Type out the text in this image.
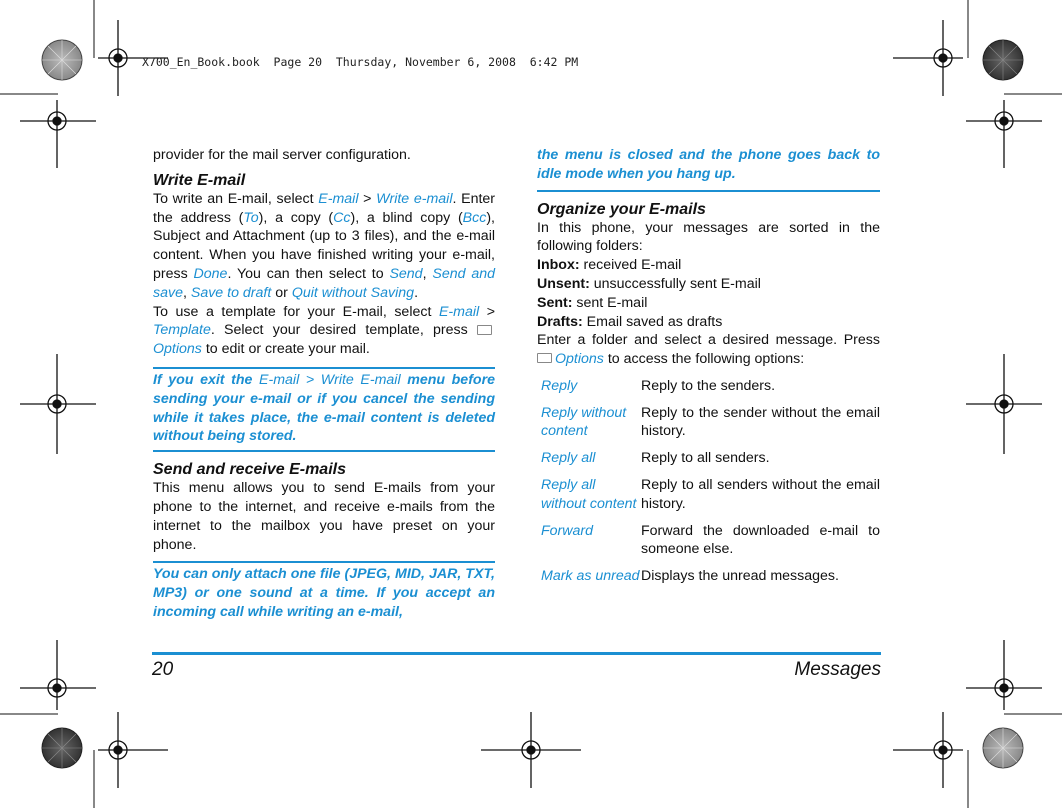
X700_En_Book.book  Page 20  Thursday, November 6, 2008  6:42 PM

provider for the mail server configuration.

Write E-mail

To write an E-mail, select E-mail > Write e-mail. Enter the address (To), a copy (Cc), a blind copy (Bcc), Subject and Attachment (up to 3 files), and the e-mail content. When you have finished writing your e-mail, press Done. You can then select to Send, Send and save, Save to draft or Quit without Saving.

To use a template for your E-mail, select E-mail > Template. Select your desired template, press Options to edit or create your mail.

If you exit the E-mail > Write E-mail menu before sending your e-mail or if you cancel the sending while it takes place, the e-mail content is deleted without being stored.

Send and receive E-mails

This menu allows you to send E-mails from your phone to the internet, and receive e-mails from the internet to the mailbox you have preset on your phone.

You can only attach one file (JPEG, MID, JAR, TXT, MP3) or one sound at a time. If you accept an incoming call while writing an e-mail,
the menu is closed and the phone goes back to idle mode when you hang up.

Organize your E-mails

In this phone, your messages are sorted in the following folders:

Inbox: received E-mail

Unsent: unsuccessfully sent E-mail

Sent: sent E-mail

Drafts: Email saved as drafts

Enter a folder and select a desired message. Press Options to access the following options:

Reply	Reply to the senders.
Reply without content	Reply to the sender without the email history.
Reply all	Reply to all senders.
Reply all without content	Reply to all senders without the email history.
Forward	Forward the downloaded e-mail to someone else.
Mark as unread	Displays the unread messages.
20	Messages
